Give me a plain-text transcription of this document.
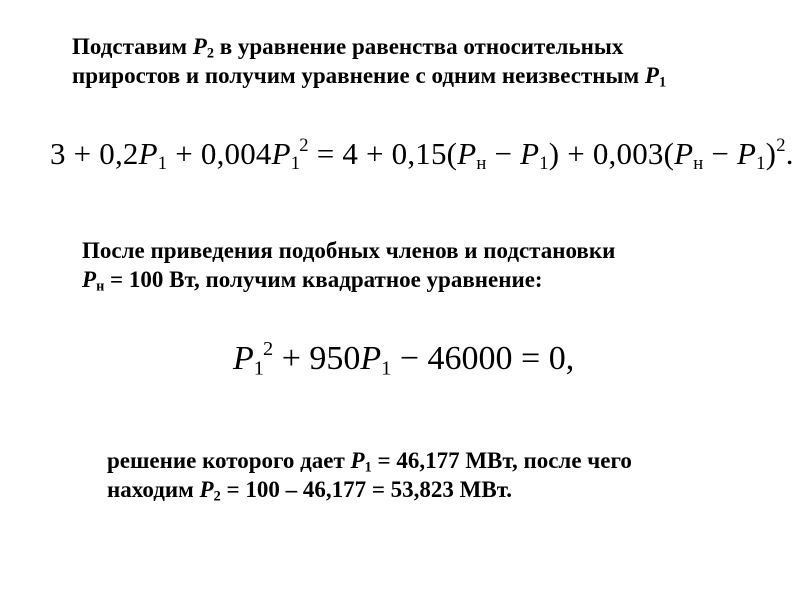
Подставим $P_2$ в уравнение равенства относительных приростов и получим уравнение с одним неизвестным $P_1$
$3 + 0,2P_1 + 0,004P_1^2 = 4 + 0,15(P_н - P_1) + 0,003(P_н - P_1)^2$.
После приведения подобных членов и подстановки
$P_н = 100$ Вт, получим квадратное уравнение:
$P_1^2 + 950P_1 - 46000 = 0$,
решение которого дает $P_1 = 46,177$ МВт, после чего
находим $P_2 = 100 - 46,177 = 53,823$ МВт.
